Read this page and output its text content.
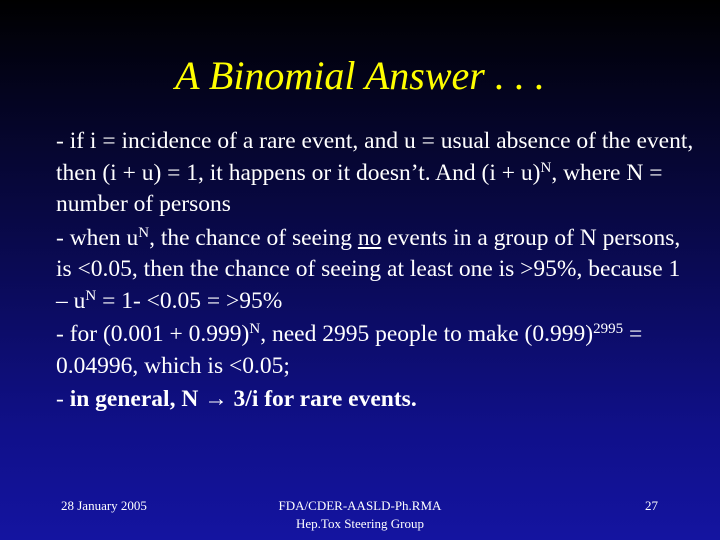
A Binomial Answer . . .

- if i = incidence of a rare event, and u = usual absence of the event, then (i + u) = 1, it happens or it doesn’t. And $(i + u)^N$, where N = number of persons

- when $u^N$, the chance of seeing no events in a group of N persons, is <0.05, then the chance of seeing at least one is >95%, because $1 - u^N = 1- <0.05 = >95\%$

- for $(0.001 + 0.999)^N$, need 2995 people to make $(0.999)^{2995} = 0.04996$, which is <0.05;

- in general, N → 3/i for rare events.

28 January 2005	FDA/CDER-AASLD-Ph.RMA
Hep.Tox Steering Group
27
